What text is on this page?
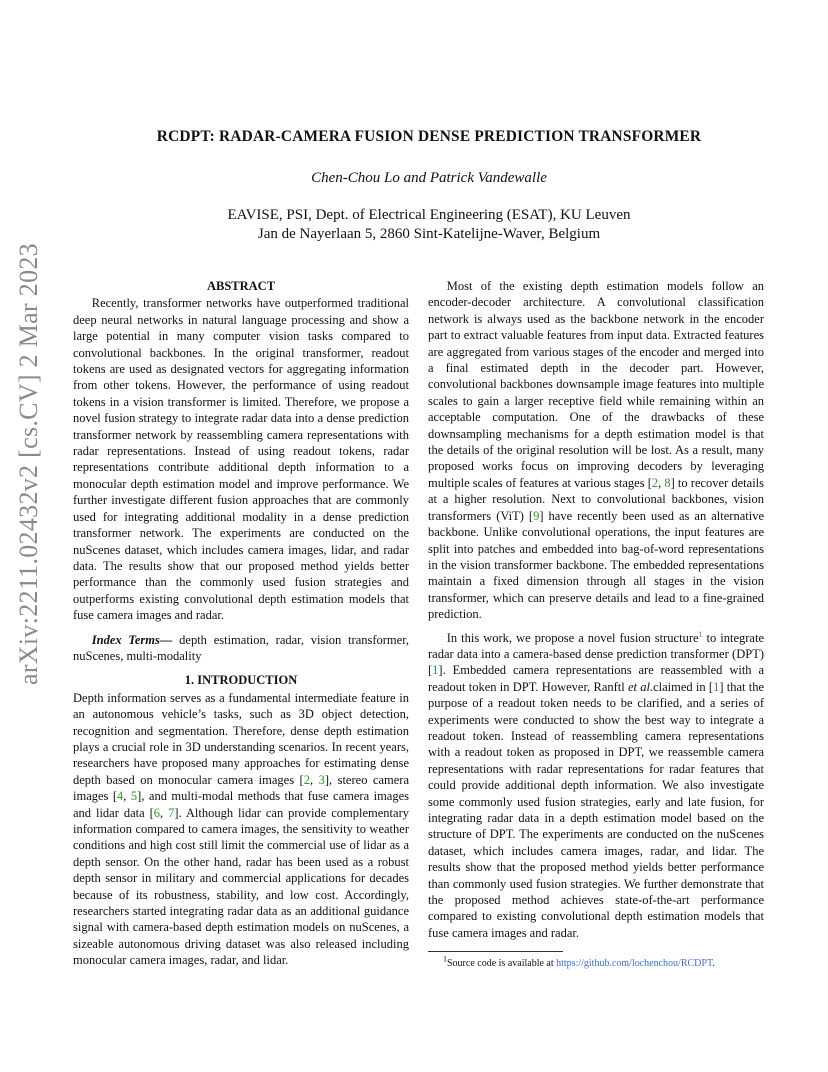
arXiv:2211.02432v2 [cs.CV] 2 Mar 2023
RCDPT: RADAR-CAMERA FUSION DENSE PREDICTION TRANSFORMER
Chen-Chou Lo and Patrick Vandewalle
EAVISE, PSI, Dept. of Electrical Engineering (ESAT), KU Leuven
Jan de Nayerlaan 5, 2860 Sint-Katelijne-Waver, Belgium
ABSTRACT

Recently, transformer networks have outperformed traditional deep neural networks in natural language processing and show a large potential in many computer vision tasks compared to convolutional backbones. In the original transformer, readout tokens are used as designated vectors for aggregating information from other tokens. However, the performance of using readout tokens in a vision transformer is limited. Therefore, we propose a novel fusion strategy to integrate radar data into a dense prediction transformer network by reassembling camera representations with radar representations. Instead of using readout tokens, radar representations contribute additional depth information to a monocular depth estimation model and improve performance. We further investigate different fusion approaches that are commonly used for integrating additional modality in a dense prediction transformer network. The experiments are conducted on the nuScenes dataset, which includes camera images, lidar, and radar data. The results show that our proposed method yields better performance than the commonly used fusion strategies and outperforms existing convolutional depth estimation models that fuse camera images and radar.

Index Terms— depth estimation, radar, vision transformer, nuScenes, multi-modality

1. INTRODUCTION

Depth information serves as a fundamental intermediate feature in an autonomous vehicle’s tasks, such as 3D object detection, recognition and segmentation. Therefore, dense depth estimation plays a crucial role in 3D understanding scenarios. In recent years, researchers have proposed many approaches for estimating dense depth based on monocular camera images [2, 3], stereo camera images [4, 5], and multi-modal methods that fuse camera images and lidar data [6, 7]. Although lidar can provide complementary information compared to camera images, the sensitivity to weather conditions and high cost still limit the commercial use of lidar as a depth sensor. On the other hand, radar has been used as a robust depth sensor in military and commercial applications for decades because of its robustness, stability, and low cost. Accordingly, researchers started integrating radar data as an additional guidance signal with camera-based depth estimation models on nuScenes, a sizeable autonomous driving dataset was also released including monocular camera images, radar, and lidar.

Most of the existing depth estimation models follow an encoder-decoder architecture. A convolutional classification network is always used as the backbone network in the encoder part to extract valuable features from input data. Extracted features are aggregated from various stages of the encoder and merged into a final estimated depth in the decoder part. However, convolutional backbones downsample image features into multiple scales to gain a larger receptive field while remaining within an acceptable computation. One of the drawbacks of these downsampling mechanisms for a depth estimation model is that the details of the original resolution will be lost. As a result, many proposed works focus on improving decoders by leveraging multiple scales of features at various stages [2, 8] to recover details at a higher resolution. Next to convolutional backbones, vision transformers (ViT) [9] have recently been used as an alternative backbone. Unlike convolutional operations, the input features are split into patches and embedded into bag-of-word representations in the vision transformer backbone. The embedded representations maintain a fixed dimension through all stages in the vision transformer, which can preserve details and lead to a fine-grained prediction.

In this work, we propose a novel fusion structure$^1$ to integrate radar data into a camera-based dense prediction transformer (DPT) [1]. Embedded camera representations are reassembled with a readout token in DPT. However, Ranftl et al.claimed in [1] that the purpose of a readout token needs to be clarified, and a series of experiments were conducted to show the best way to integrate a readout token. Instead of reassembling camera representations with a readout token as proposed in DPT, we reassemble camera representations with radar representations for radar features that could provide additional depth information. We also investigate some commonly used fusion strategies, early and late fusion, for integrating radar data in a depth estimation model based on the structure of DPT. The experiments are conducted on the nuScenes dataset, which includes camera images, radar, and lidar. The results show that the proposed method yields better performance than commonly used fusion strategies. We further demonstrate that the proposed method achieves state-of-the-art performance compared to existing convolutional depth estimation models that fuse camera images and radar.

$^1$Source code is available at https://github.com/lochenchou/RCDPT.
